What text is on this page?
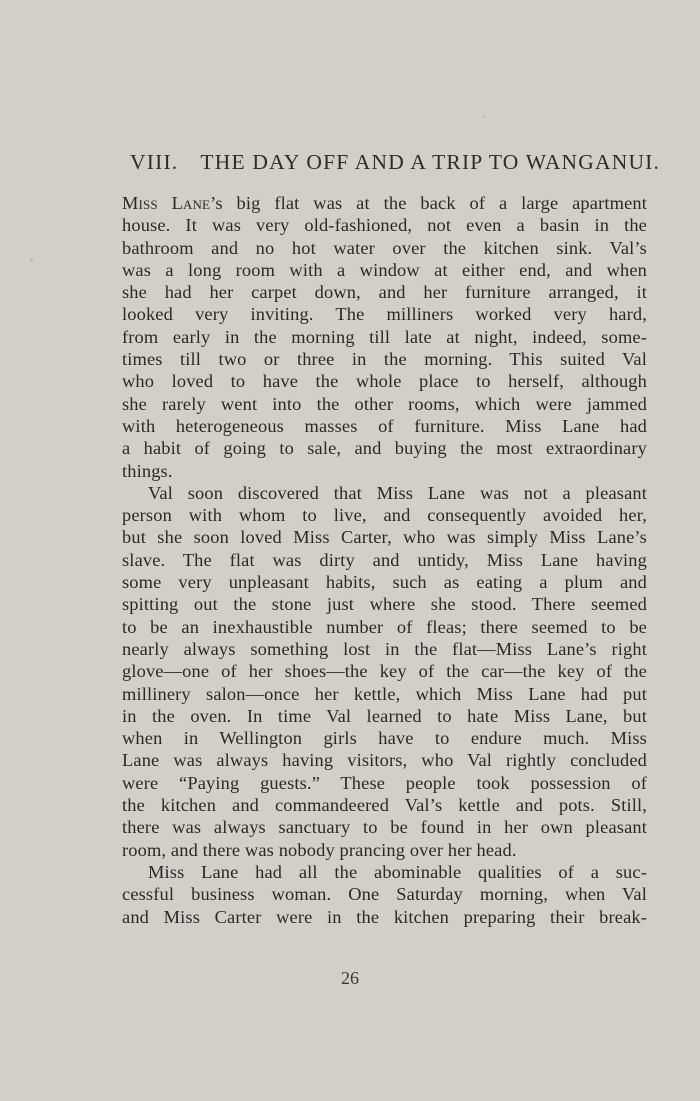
VIII. THE DAY OFF AND A TRIP TO WANGANUI.
Miss Lane’s big flat was at the back of a large apartment
house. It was very old-fashioned, not even a basin in the
bathroom and no hot water over the kitchen sink. Val’s
was a long room with a window at either end, and when
she had her carpet down, and her furniture arranged, it
looked very inviting. The milliners worked very hard,
from early in the morning till late at night, indeed, some-
times till two or three in the morning. This suited Val
who loved to have the whole place to herself, although
she rarely went into the other rooms, which were jammed
with heterogeneous masses of furniture. Miss Lane had
a habit of going to sale, and buying the most extraordinary
things.
Val soon discovered that Miss Lane was not a pleasant
person with whom to live, and consequently avoided her,
but she soon loved Miss Carter, who was simply Miss Lane’s
slave. The flat was dirty and untidy, Miss Lane having
some very unpleasant habits, such as eating a plum and
spitting out the stone just where she stood. There seemed
to be an inexhaustible number of fleas; there seemed to be
nearly always something lost in the flat—Miss Lane’s right
glove—one of her shoes—the key of the car—the key of the
millinery salon—once her kettle, which Miss Lane had put
in the oven. In time Val learned to hate Miss Lane, but
when in Wellington girls have to endure much. Miss
Lane was always having visitors, who Val rightly concluded
were “Paying guests.” These people took possession of
the kitchen and commandeered Val’s kettle and pots. Still,
there was always sanctuary to be found in her own pleasant
room, and there was nobody prancing over her head.
Miss Lane had all the abominable qualities of a suc-
cessful business woman. One Saturday morning, when Val
and Miss Carter were in the kitchen preparing their break-
26
